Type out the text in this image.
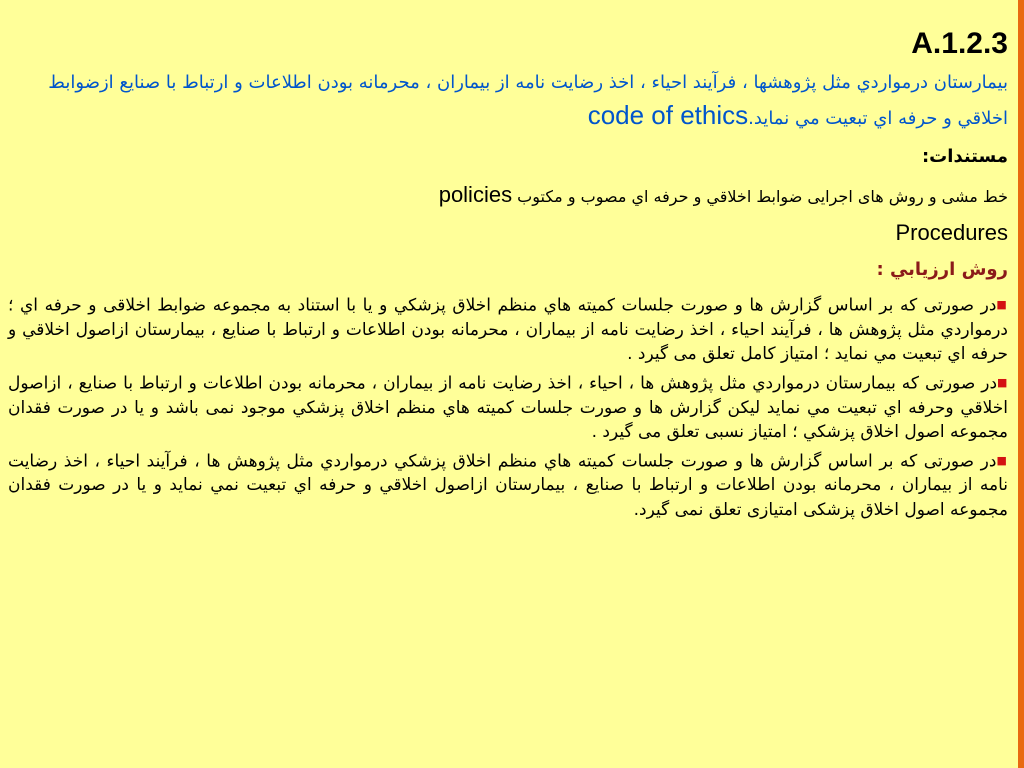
A.1.2.3
بيمارستان درمواردي مثل پژوهشها ، فرآيند احياء ، اخذ رضايت نامه از بيماران ، محرمانه بودن اطلاعات و ارتباط با صنايع ازضوابط اخلاقي و حرفه اي تبعيت مي نمايد.code of ethics
مستندات:
خط مشی و روش های اجرایی ضوابط اخلاقي و حرفه اي مصوب و مكتوب policies
Procedures
روش ارزيابي :
■در صورتی که بر اساس گزارش ها و صورت جلسات كميته هاي منظم اخلاق پزشكي و يا با استناد به مجموعه ضوابط اخلاقی و حرفه اي ؛ درمواردي مثل پژوهش ها ، فرآيند احياء ، اخذ رضايت نامه از بيماران ، محرمانه بودن اطلاعات و ارتباط با صنايع ، بيمارستان ازاصول اخلاقي و حرفه اي تبعيت مي نمايد ؛ امتیاز کامل تعلق می گیرد .
■در صورتی که بيمارستان درمواردي مثل پژوهش ها ، احياء ، اخذ رضايت نامه از بيماران ، محرمانه بودن اطلاعات و ارتباط با صنايع ، ازاصول اخلاقي وحرفه اي تبعيت مي نمايد ليكن گزارش ها و صورت جلسات كميته هاي منظم اخلاق پزشكي موجود نمی باشد و يا در صورت فقدان مجموعه اصول اخلاق پزشكي ؛ امتیاز نسبی تعلق می گیرد .
■در صورتی که بر اساس گزارش ها و صورت جلسات كميته هاي منظم اخلاق پزشكي درمواردي مثل پژوهش ها ، فرآيند احياء ، اخذ رضايت نامه از بيماران ، محرمانه بودن اطلاعات و ارتباط با صنايع ، بيمارستان ازاصول اخلاقي و حرفه اي تبعيت نمي نمايد و يا در صورت فقدان مجموعه اصول اخلاق پزشکی امتیازی تعلق نمی گیرد.
